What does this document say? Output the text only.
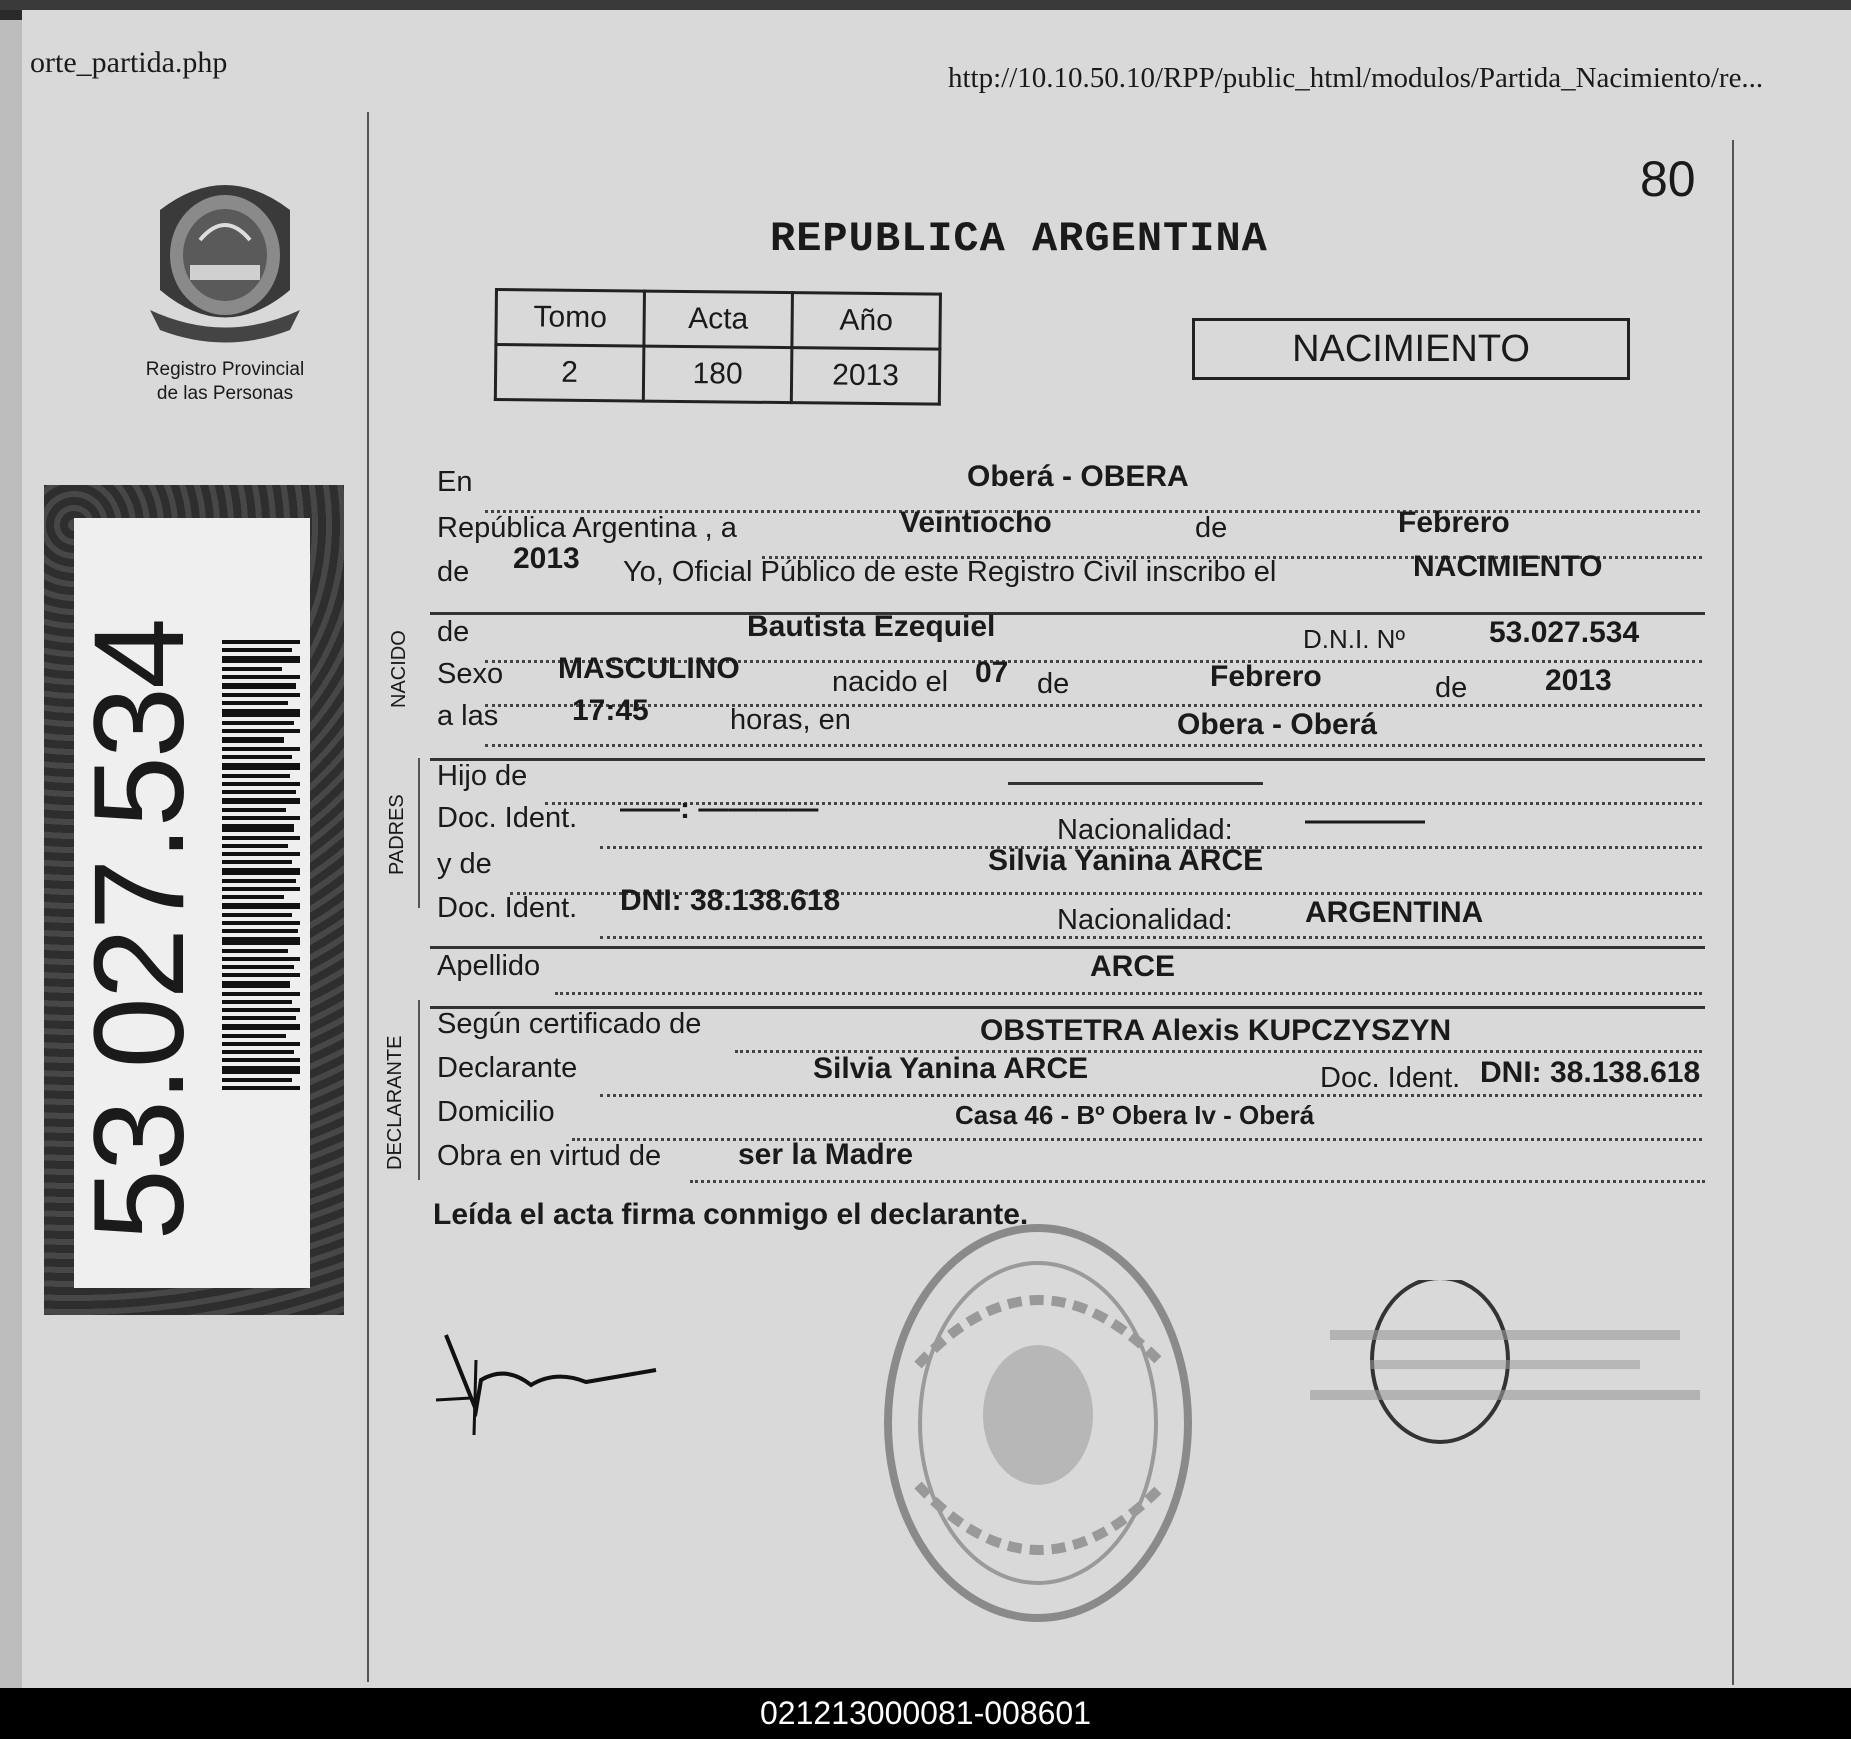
orte_partida.php	http://10.10.50.10/RPP/public_html/modulos/Partida_Nacimiento/re...
80
REPUBLICA ARGENTINA
Tomo	Acta	Año
2	180	2013
NACIMIENTO
Registro Provincial
de las Personas
53.027.534	NACIDO
PADRES
DECLARANTE
En	Oberá - OBERA
República Argentina , a	Veintiocho	de	Febrero
de 2013 Yo, Oficial Público de este Registro Civil inscribo el	NACIMIENTO
de	Bautista Ezequiel	D.N.I. Nº	53.027.534
Sexo MASCULINO	nacido el 07 de	Febrero	de	2013
a las 17:45	horas, en	Obera - Oberá
Hijo de
Doc. Ident. ——: ————
Nacionalidad: ————
y de	Silvia Yanina ARCE
Doc. Ident. DNI: 38.138.618
Nacionalidad: ARGENTINA
Apellido	ARCE
Según certificado de	OBSTETRA Alexis KUPCZYSZYN
Declarante	Silvia Yanina ARCE	Doc. Ident. DNI: 38.138.618
Domicilio	Casa 46 - Bº Obera Iv - Oberá
Obra en virtud de	ser la Madre
Leída el acta firma conmigo el declarante.
021213000081-008601
